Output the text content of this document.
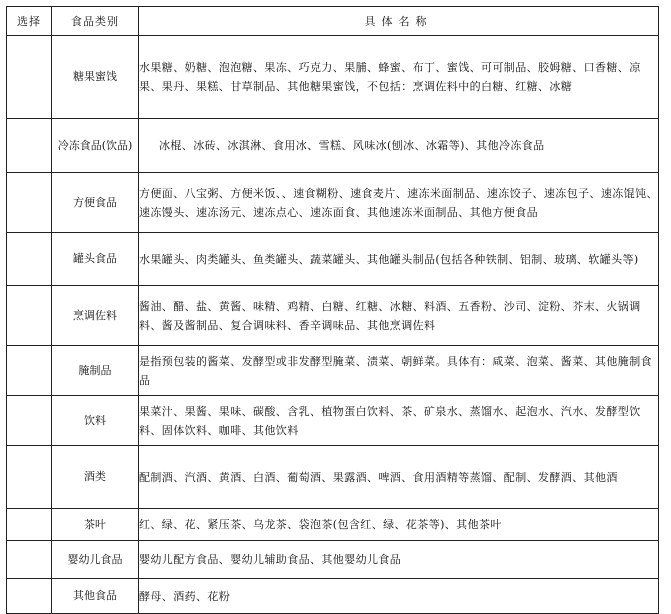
选择	食品类别	具体名称
	糖果蜜饯	水果糖、奶糖、泡泡糖、果冻、巧克力、果脯、蜂蜜、布丁、蜜饯、可可制品、胶姆糖、口香糖、凉果、果丹、果糕、甘草制品、其他糖果蜜饯，不包括：烹调佐料中的白糖、红糖、冰糖
	冷冻食品(饮品)	冰棍、冰砖、冰淇淋、食用冰、雪糕、风味冰(刨冰、冰霜等)、其他冷冻食品
	方便食品	方便面、八宝粥、方便米饭、、速食糊粉、速食麦片、速冻米面制品、速冻饺子、速冻包子、速冻馄饨、速冻馒头、速冻汤元、速冻点心、速冻面食、其他速冻米面制品、其他方便食品
	罐头食品	水果罐头、肉类罐头、鱼类罐头、蔬菜罐头、其他罐头制品(包括各种铁制、铝制、玻璃、软罐头等)
	烹调佐料	酱油、醋、盐、黄酱、味精、鸡精、白糖、红糖、冰糖、料酒、五香粉、沙司、淀粉、芥末、火锅调料、酱及酱制品、复合调味料、香辛调味品、其他烹调佐料
	腌制品	是指预包装的酱菜、发酵型或非发酵型腌菜、渍菜、朝鲜菜。具体有：咸菜、泡菜、酱菜、其他腌制食品
	饮料	果菜汁、果酱、果味、碳酸、含乳、植物蛋白饮料、茶、矿泉水、蒸馏水、起泡水、汽水、发酵型饮料、固体饮料、咖啡、其他饮料
	酒类	配制酒、汽酒、黄酒、白酒、葡萄酒、果露酒、啤酒、食用酒精等蒸馏、配制、发酵酒、其他酒
	茶叶	红、绿、花、紧压茶、乌龙茶、袋泡茶(包含红、绿、花茶等)、其他茶叶
	婴幼儿食品	婴幼儿配方食品、婴幼儿辅助食品、其他婴幼儿食品
	其他食品	酵母、酒药、花粉
